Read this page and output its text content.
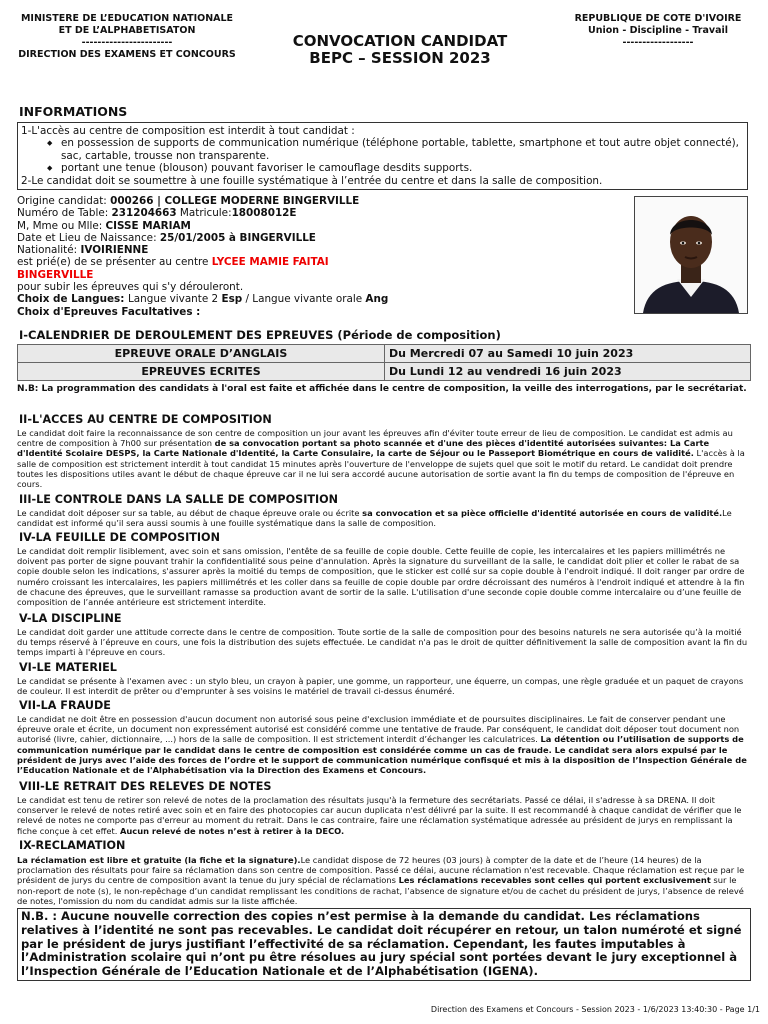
MINISTERE DE L’EDUCATION NATIONALE
ET DE L’ALPHABETISATON
-----------------------
DIRECTION DES EXAMENS ET CONCOURS
CONVOCATION CANDIDAT
BEPC – SESSION 2023
REPUBLIQUE DE COTE D'IVOIRE
Union - Discipline - Travail
------------------
INFORMATIONS
1-L'accès au centre de composition est interdit à tout candidat :
◆ en possession de supports de communication numérique (téléphone portable, tablette, smartphone et tout autre objet connecté), sac, cartable, trousse non transparente.
◆ portant une tenue (blouson) pouvant favoriser le camouflage desdits supports.
2-Le candidat doit se soumettre à une fouille systématique à l’entrée du centre et dans la salle de composition.
Origine candidat: 000266 | COLLEGE MODERNE BINGERVILLE
Numéro de Table: 231204663 Matricule:18008012E
M, Mme ou Mlle: CISSE MARIAM
Date et Lieu de Naissance: 25/01/2005 à BINGERVILLE
Nationalité: IVOIRIENNE
est prié(e) de se présenter au centre LYCEE MAMIE FAITAI BINGERVILLE
pour subir les épreuves qui s'y dérouleront.
Choix de Langues: Langue vivante 2 Esp / Langue vivante orale Ang
Choix d'Epreuves Facultatives :
I-CALENDRIER DE DEROULEMENT DES EPREUVES (Période de composition)
EPREUVE ORALE D’ANGLAIS	Du Mercredi 07 au Samedi 10 juin 2023
EPREUVES ECRITES	Du Lundi 12 au vendredi 16 juin 2023
N.B: La programmation des candidats à l'oral est faite et affichée dans le centre de composition, la veille des interrogations, par le secrétariat.
II-L'ACCES AU CENTRE DE COMPOSITION
Le candidat doit faire la reconnaissance de son centre de composition un jour avant les épreuves afin d'éviter toute erreur de lieu de composition. Le candidat est admis au centre de composition à 7h00 sur présentation de sa convocation portant sa photo scannée et d'une des pièces d'identité autorisées suivantes: La Carte d'Identité Scolaire DESPS, la Carte Nationale d'Identité, la Carte Consulaire, la carte de Séjour ou le Passeport Biométrique en cours de validité. L'accès à la salle de composition est strictement interdit à tout candidat 15 minutes après l'ouverture de l'enveloppe de sujets quel que soit le motif du retard. Le candidat doit prendre toutes les dispositions utiles avant le début de chaque épreuve car il ne lui sera accordé aucune autorisation de sortie avant la fin du temps de composition de l'épreuve en cours.
III-LE CONTROLE DANS LA SALLE DE COMPOSITION
Le candidat doit déposer sur sa table, au début de chaque épreuve orale ou écrite sa convocation et sa pièce officielle d'identité autorisée en cours de validité.Le candidat est informé qu’il sera aussi soumis à une fouille systématique dans la salle de composition.
IV-LA FEUILLE DE COMPOSITION
Le candidat doit remplir lisiblement, avec soin et sans omission, l'entête de sa feuille de copie double. Cette feuille de copie, les intercalaires et les papiers millimétrés ne doivent pas porter de signe pouvant trahir la confidentialité sous peine d'annulation. Après la signature du surveillant de la salle, le candidat doit plier et coller le rabat de sa copie double selon les indications, s'assurer après la moitié du temps de composition, que le sticker est collé sur sa copie double à l'endroit indiqué. Il doit ranger par ordre de numéro croissant les intercalaires, les papiers millimétrés et les coller dans sa feuille de copie double par ordre décroissant des numéros à l'endroit indiqué et attendre à la fin de chacune des épreuves, que le surveillant ramasse sa production avant de sortir de la salle. L'utilisation d'une seconde copie double comme intercalaire ou d’une feuille de composition de l’année antérieure est strictement interdite.
V-LA DISCIPLINE
Le candidat doit garder une attitude correcte dans le centre de composition. Toute sortie de la salle de composition pour des besoins naturels ne sera autorisée qu’à la moitié du temps réservé à l’épreuve en cours, une fois la distribution des sujets effectuée. Le candidat n'a pas le droit de quitter définitivement la salle de composition avant la fin du temps imparti à l'épreuve en cours.
VI-LE MATERIEL
Le candidat se présente à l'examen avec : un stylo bleu, un crayon à papier, une gomme, un rapporteur, une équerre, un compas, une règle graduée et un paquet de crayons de couleur. Il est interdit de prêter ou d'emprunter à ses voisins le matériel de travail ci-dessus énuméré.
VII-LA FRAUDE
Le candidat ne doit être en possession d'aucun document non autorisé sous peine d'exclusion immédiate et de poursuites disciplinaires. Le fait de conserver pendant une épreuve orale et écrite, un document non expressément autorisé est considéré comme une tentative de fraude. Par conséquent, le candidat doit déposer tout document non autorisé (livre, cahier, dictionnaire, ...) hors de la salle de composition. Il est strictement interdit d’échanger les calculatrices. La détention ou l’utilisation de supports de communication numérique par le candidat dans le centre de composition est considérée comme un cas de fraude. Le candidat sera alors expulsé par le président de jurys avec l’aide des forces de l’ordre et le support de communication numérique confisqué et mis à la disposition de l’Inspection Générale de l’Education Nationale et de l'Alphabétisation via la Direction des Examens et Concours.
VIII-LE RETRAIT DES RELEVES DE NOTES
Le candidat est tenu de retirer son relevé de notes de la proclamation des résultats jusqu'à la fermeture des secrétariats. Passé ce délai, il s'adresse à sa DRENA. Il doit conserver le relevé de notes retiré avec soin et en faire des photocopies car aucun duplicata n'est délivré par la suite. Il est recommandé à chaque candidat de vérifier que le relevé de notes ne comporte pas d'erreur au moment du retrait. Dans le cas contraire, faire une réclamation systématique adressée au président de jurys en remplissant la fiche conçue à cet effet. Aucun relevé de notes n’est à retirer à la DECO.
IX-RECLAMATION
La réclamation est libre et gratuite (la fiche et la signature).Le candidat dispose de 72 heures (03 jours) à compter de la date et de l’heure (14 heures) de la proclamation des résultats pour faire sa réclamation dans son centre de composition. Passé ce délai, aucune réclamation n'est recevable. Chaque réclamation est reçue par le président de jurys du centre de composition avant la tenue du jury spécial de réclamations Les réclamations recevables sont celles qui portent exclusivement sur le non-report de note (s), le non-repêchage d’un candidat remplissant les conditions de rachat, l’absence de signature et/ou de cachet du président de jurys, l’absence de relevé de notes, l'omission du nom du candidat admis sur la liste affichée.
N.B. : Aucune nouvelle correction des copies n’est permise à la demande du candidat. Les réclamations relatives à l’identité ne sont pas recevables. Le candidat doit récupérer en retour, un talon numéroté et signé par le président de jurys justifiant l’effectivité de sa réclamation. Cependant, les fautes imputables à l’Administration scolaire qui n’ont pu être résolues au jury spécial sont portées devant le jury exceptionnel à l’Inspection Générale de l’Education Nationale et de l’Alphabétisation (IGENA).
Direction des Examens et Concours - Session 2023 - 1/6/2023 13:40:30 - Page 1/1
